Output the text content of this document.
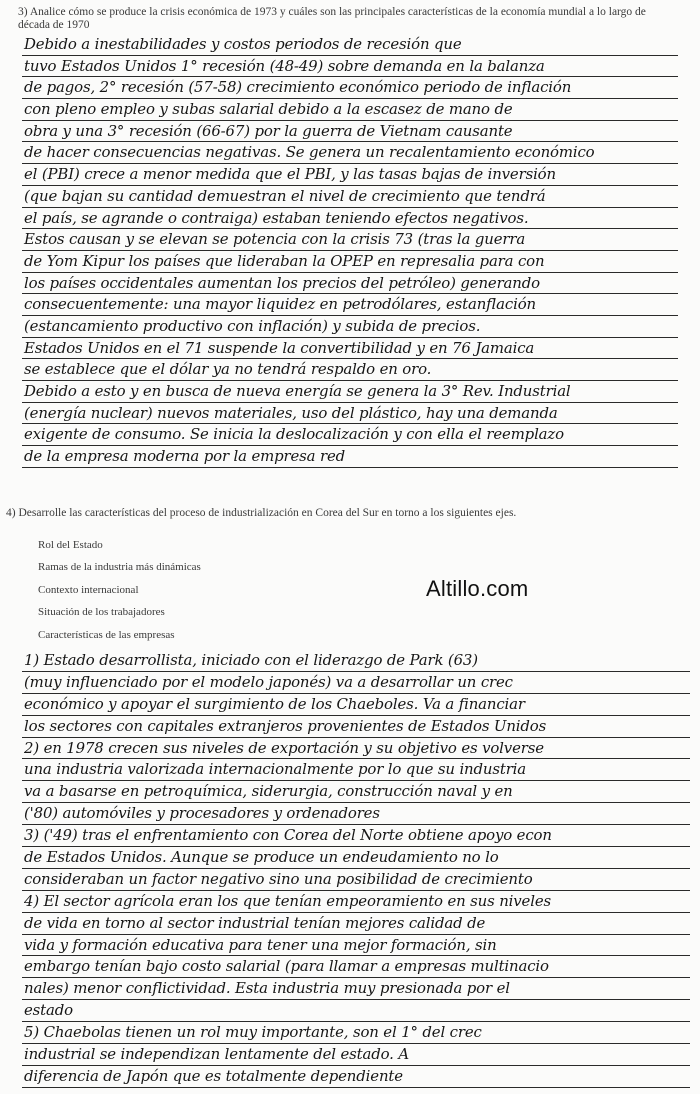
3) Analice cómo se produce la crisis económica de 1973 y cuáles son las principales características de la economía mundial a lo largo de década de 1970

Debido a inestabilidades y costos periodos de recesión que
tuvo Estados Unidos 1° recesión (48-49) sobre demanda en la balanza
de pagos, 2° recesión (57-58) crecimiento económico periodo de inflación
con pleno empleo y subas salarial debido a la escasez de mano de
obra y una 3° recesión (66-67) por la guerra de Vietnam causante
de hacer consecuencias negativas. Se genera un recalentamiento económico
el (PBI) crece a menor medida que el PBI, y las tasas bajas de inversión
(que bajan su cantidad demuestran el nivel de crecimiento que tendrá
el país, se agrande o contraiga) estaban teniendo efectos negativos.
Estos causan y se elevan se potencia con la crisis 73 (tras la guerra
de Yom Kipur los países que lideraban la OPEP en represalia para con
los países occidentales aumentan los precios del petróleo) generando
consecuentemente: una mayor liquidez en petrodólares, estanflación
(estancamiento productivo con inflación) y subida de precios.
Estados Unidos en el 71 suspende la convertibilidad y en 76 Jamaica
se establece que el dólar ya no tendrá respaldo en oro.
Debido a esto y en busca de nueva energía se genera la 3° Rev. Industrial
(energía nuclear) nuevos materiales, uso del plástico, hay una demanda
exigente de consumo. Se inicia la deslocalización y con ella el reemplazo
de la empresa moderna por la empresa red

4) Desarrolle las características del proceso de industrialización en Corea del Sur en torno a los siguientes ejes.

Rol del Estado
Ramas de la industria más dinámicas
Contexto internacional
Situación de los trabajadores
Características de las empresas
Altillo.com
1) Estado desarrollista, iniciado con el liderazgo de Park (63)
(muy influenciado por el modelo japonés) va a desarrollar un crec
económico y apoyar el surgimiento de los Chaeboles. Va a financiar
los sectores con capitales extranjeros provenientes de Estados Unidos
2) en 1978 crecen sus niveles de exportación y su objetivo es volverse
una industria valorizada internacionalmente por lo que su industria
va a basarse en petroquímica, siderurgia, construcción naval y en
('80) automóviles y procesadores y ordenadores
3) ('49) tras el enfrentamiento con Corea del Norte obtiene apoyo econ
de Estados Unidos. Aunque se produce un endeudamiento no lo
consideraban un factor negativo sino una posibilidad de crecimiento
4) El sector agrícola eran los que tenían empeoramiento en sus niveles
de vida en torno al sector industrial tenían mejores calidad de
vida y formación educativa para tener una mejor formación, sin
embargo tenían bajo costo salarial (para llamar a empresas multinacio
nales) menor conflictividad. Esta industria muy presionada por el
estado
5) Chaebolas tienen un rol muy importante, son el 1° del crec
industrial se independizan lentamente del estado. A
diferencia de Japón que es totalmente dependiente
